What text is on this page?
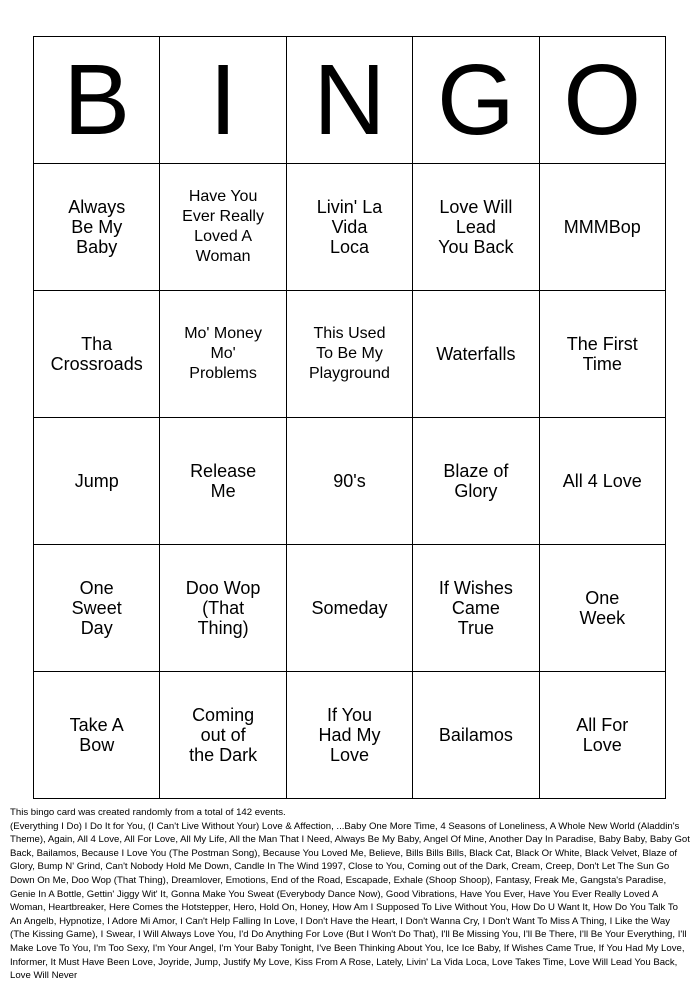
B	I	N	G	O

Always
Be My
Baby	Have You
Ever Really
Loved A
Woman	Livin' La
Vida
Loca	Love Will
Lead
You Back	MMMBop

Tha
Crossroads	Mo' Money
Mo'
Problems	This Used
To Be My
Playground	Waterfalls	The First
Time

Jump	Release
Me	90's	Blaze of
Glory	All 4 Love

One
Sweet
Day	Doo Wop
(That
Thing)	Someday	If Wishes
Came
True	One
Week

Take A
Bow	Coming
out of
the Dark	If You
Had My
Love	Bailamos	All For
Love

This bingo card was created randomly from a total of 142 events.

(Everything I Do) I Do It for You, (I Can't Live Without Your) Love & Affection, ...Baby One More Time, 4 Seasons of Loneliness, A Whole New World (Aladdin's Theme), Again, All 4 Love, All For Love, All My Life, All the Man That I Need, Always Be My Baby, Angel Of Mine, Another Day In Paradise, Baby Baby, Baby Got Back, Bailamos, Because I Love You (The Postman Song), Because You Loved Me, Believe, Bills Bills Bills, Black Cat, Black Or White, Black Velvet, Blaze of Glory, Bump N' Grind, Can't Nobody Hold Me Down, Candle In The Wind 1997, Close to You, Coming out of the Dark, Cream, Creep, Don't Let The Sun Go Down On Me, Doo Wop (That Thing), Dreamlover, Emotions, End of the Road, Escapade, Exhale (Shoop Shoop), Fantasy, Freak Me, Gangsta's Paradise, Genie In A Bottle, Gettin' Jiggy Wit' It, Gonna Make You Sweat (Everybody Dance Now), Good Vibrations, Have You Ever, Have You Ever Really Loved A Woman, Heartbreaker, Here Comes the Hotstepper, Hero, Hold On, Honey, How Am I Supposed To Live Without You, How Do U Want It, How Do You Talk To An Angelb, Hypnotize, I Adore Mi Amor, I Can't Help Falling In Love, I Don't Have the Heart, I Don't Wanna Cry, I Don't Want To Miss A Thing, I Like the Way (The Kissing Game), I Swear, I Will Always Love You, I'd Do Anything For Love (But I Won't Do That), I'll Be Missing You, I'll Be There, I'll Be Your Everything, I'll Make Love To You, I'm Too Sexy, I'm Your Angel, I'm Your Baby Tonight, I've Been Thinking About You, Ice Ice Baby, If Wishes Came True, If You Had My Love, Informer, It Must Have Been Love, Joyride, Jump, Justify My Love, Kiss From A Rose, Lately, Livin' La Vida Loca, Love Takes Time, Love Will Lead You Back, Love Will Never
